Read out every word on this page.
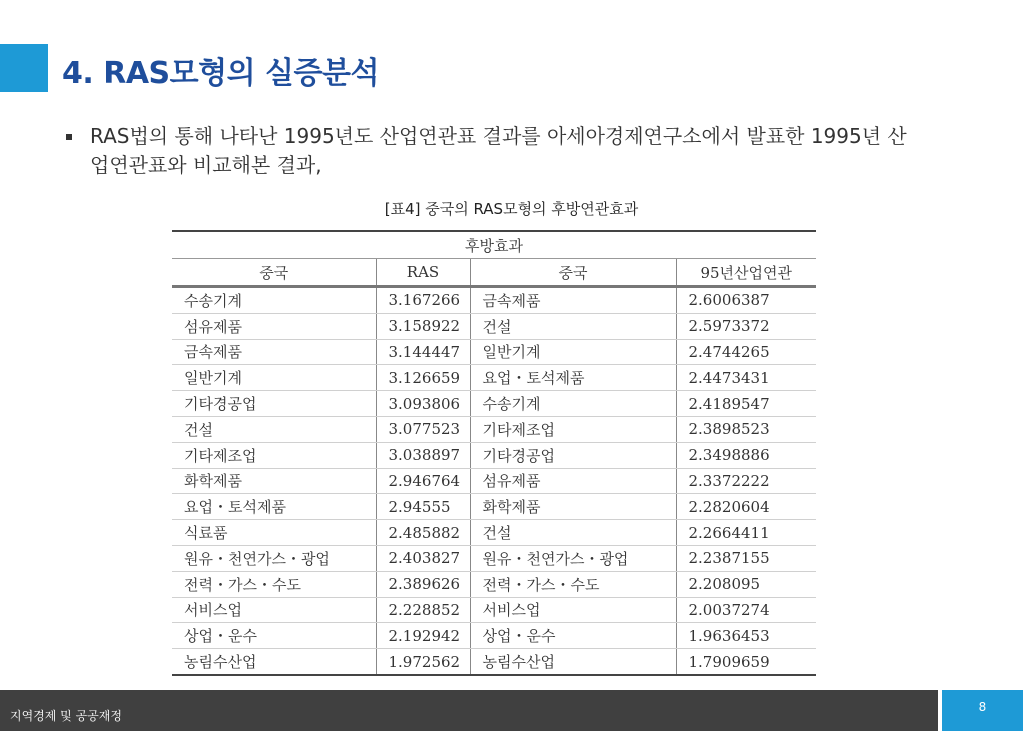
4. RAS모형의 실증분석
RAS법의 통해 나타난 1995년도 산업연관표 결과를 아세아경제연구소에서 발표한 1995년 산업연관표와 비교해본 결과,
[표4] 중국의 RAS모형의 후방연관효과
후방효과			
중국	RAS	중국	95년산업연관
수송기계	3.167266	금속제품	2.6006387
섬유제품	3.158922	건설	2.5973372
금속제품	3.144447	일반기계	2.4744265
일반기계	3.126659	요업・토석제품	2.4473431
기타경공업	3.093806	수송기계	2.4189547
건설	3.077523	기타제조업	2.3898523
기타제조업	3.038897	기타경공업	2.3498886
화학제품	2.946764	섬유제품	2.3372222
요업・토석제품	2.94555	화학제품	2.2820604
식료품	2.485882	건설	2.2664411
원유・천연가스・광업	2.403827	원유・천연가스・광업	2.2387155
전력・가스・수도	2.389626	전력・가스・수도	2.208095
서비스업	2.228852	서비스업	2.0037274
상업・운수	2.192942	상업・운수	1.9636453
농림수산업	1.972562	농림수산업	1.7909659
지역경제 및 공공재정
8
